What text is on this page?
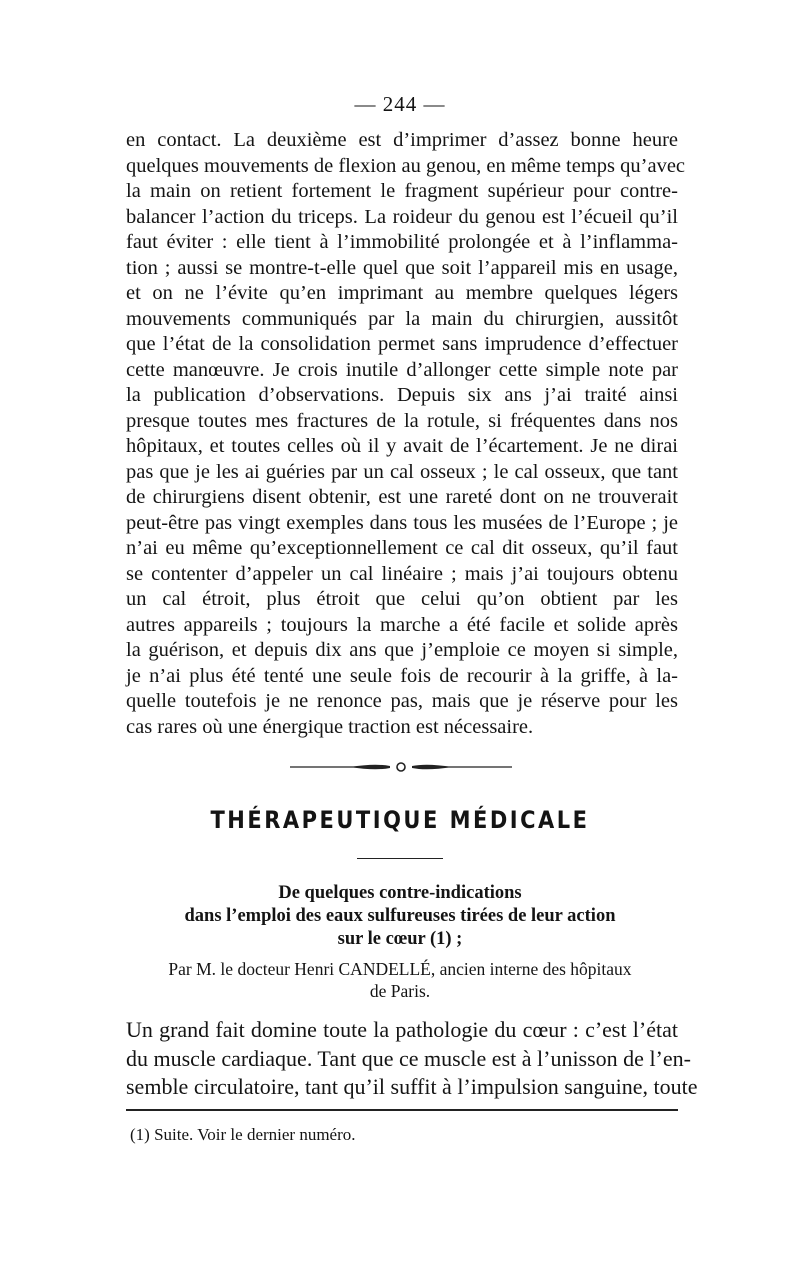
— 244 —
en contact. La deuxième est d’imprimer d’assez bonne heure
quelques mouvements de flexion au genou, en même temps qu’avec
la main on retient fortement le fragment supérieur pour contre-
balancer l’action du triceps. La roideur du genou est l’écueil qu’il
faut éviter : elle tient à l’immobilité prolongée et à l’inflamma-
tion ; aussi se montre-t-elle quel que soit l’appareil mis en usage,
et on ne l’évite qu’en imprimant au membre quelques légers
mouvements communiqués par la main du chirurgien, aussitôt
que l’état de la consolidation permet sans imprudence d’effectuer
cette manœuvre. Je crois inutile d’allonger cette simple note par
la publication d’observations. Depuis six ans j’ai traité ainsi
presque toutes mes fractures de la rotule, si fréquentes dans nos
hôpitaux, et toutes celles où il y avait de l’écartement. Je ne dirai
pas que je les ai guéries par un cal osseux ; le cal osseux, que tant
de chirurgiens disent obtenir, est une rareté dont on ne trouverait
peut-être pas vingt exemples dans tous les musées de l’Europe ; je
n’ai eu même qu’exceptionnellement ce cal dit osseux, qu’il faut
se contenter d’appeler un cal linéaire ; mais j’ai toujours obtenu
un cal étroit, plus étroit que celui qu’on obtient par les
autres appareils ; toujours la marche a été facile et solide après
la guérison, et depuis dix ans que j’emploie ce moyen si simple,
je n’ai plus été tenté une seule fois de recourir à la griffe, à la-
quelle toutefois je ne renonce pas, mais que je réserve pour les
cas rares où une énergique traction est nécessaire.
THÉRAPEUTIQUE MÉDICALE
De quelques contre-indications
dans l’emploi des eaux sulfureuses tirées de leur action
sur le cœur (1) ;
Par M. le docteur Henri CANDELLÉ, ancien interne des hôpitaux
de Paris.
Un grand fait domine toute la pathologie du cœur : c’est l’état
du muscle cardiaque. Tant que ce muscle est à l’unisson de l’en-
semble circulatoire, tant qu’il suffit à l’impulsion sanguine, toute
(1) Suite. Voir le dernier numéro.
